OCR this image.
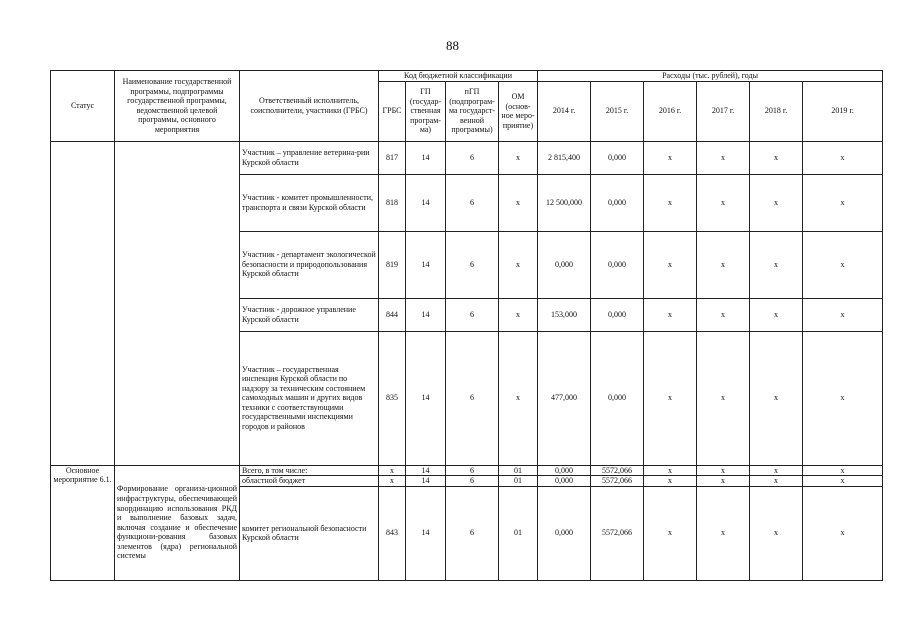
88
Статус	Наименование государственной программы, подпрограммы государственной программы, ведомственной целевой программы, основного мероприятия	Ответственный исполнитель, соисполнители, участники (ГРБС)	Код бюджетной классификации				Расходы (тыс. рублей), годы						
			ГРБС	ГП (государ-ственная програм-ма)	пГП (подпрограм-ма государст-венной программы)	ОМ (основ-ное меро-приятие)	2014 г.	2015 г.	2016 г.	2017 г.	2018 г.	2019 г.	
		Участник – управление ветерина-рии Курской области	817	14	6	х	2 815,400	0,000	х	х	х	х	
		Участник - комитет промышленности, транспорта и связи Курской области	818	14	6	х	12 500,000	0,000	х	х	х	х	
		Участник - департамент экологической безопасности и природопользования Курской области	819	14	6	х	0,000	0,000	х	х	х	х	
		Участник - дорожное управление Курской области	844	14	6	х	153,000	0,000	х	х	х	х	
		Участник – государственная инспекция Курской области по надзору за техническим состоянием самоходных машин и других видов техники с соответствующими государственными инспекциями городов и районов	835	14	6	х	477,000	0,000	х	х	х	х	
Основное мероприятие 6.1.	Формирование организа-ционной инфраструктуры, обеспечивающей координацию использования РКД и выполнение базовых задач, включая создание и обеспечение функциони-рования базовых элементов (ядра) региональной системы	Всего, в том числе:	х	14	6	01	0,000	5572,066	х	х	х	х	
		областной бюджет	х	14	6	01	0,000	5572,066	х	х	х	х	
		комитет региональной безопасности Курской области	843	14	6	01	0,000	5572,066	х	х	х	х	
